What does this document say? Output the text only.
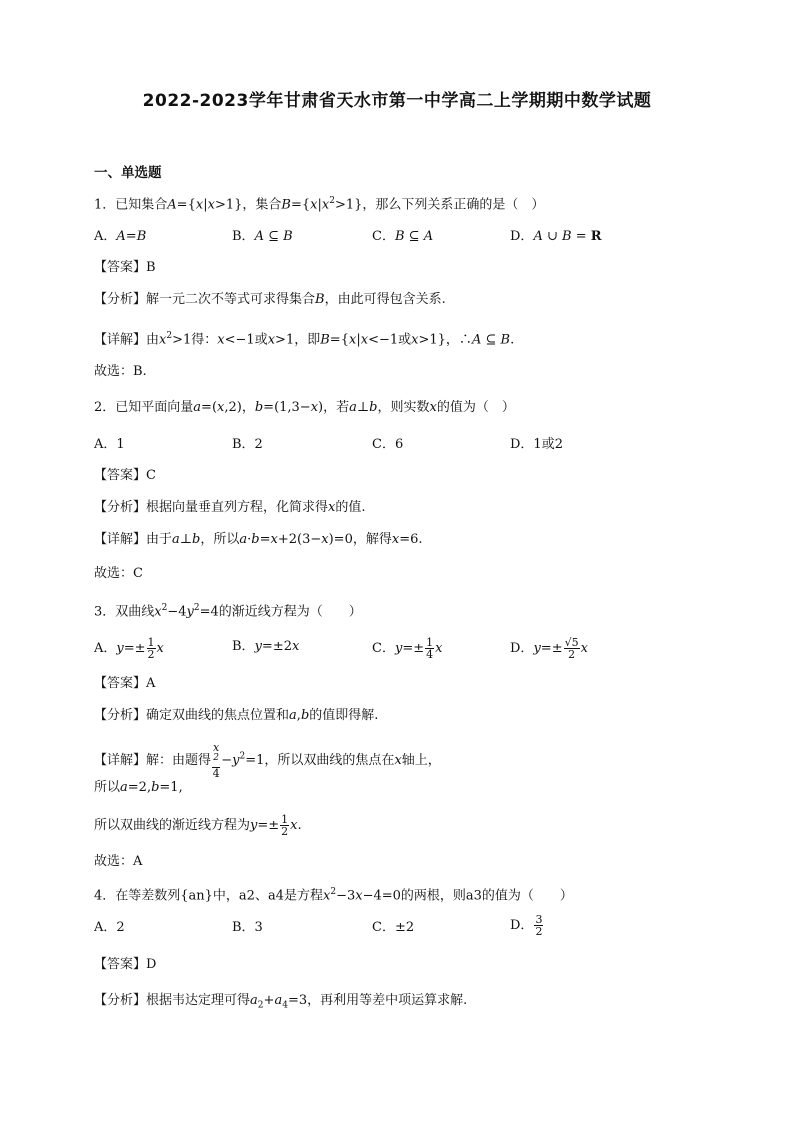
2022-2023学年甘肃省天水市第一中学高二上学期期中数学试题
一、单选题
1．已知集合A={x|x>1}，集合$B=\{x|x^2>1\}$，那么下列关系正确的是（　）
A．A=B	B．A ⊆ B	C．B ⊆ A	D．A ∪ B = R
【答案】B
【分析】解一元二次不等式可求得集合B，由此可得包含关系.
【详解】由$x^2>1$得：x<−1或x>1，即B={x|x<−1或x>1}，∴A ⊆ B.
故选：B.
2．已知平面向量a=(x,2)，b=(1,3−x)，若a⊥b，则实数x的值为（　）
A．1	B．2	C．6	D．1或2
【答案】C
【分析】根据向量垂直列方程，化简求得x的值.
【详解】由于a⊥b，所以a·b=x+2(3−x)=0，解得x=6.
故选：C
3．双曲线$x^2-4y^2=4$的渐近线方程为（　　）
A．$y=\pm \frac{1}{2}$ x	B．y=±2x	C．$y=\pm \frac{1}{4}$ x	D．$y=\pm \frac{√5}{2}$ x
【答案】A
【分析】确定双曲线的焦点位置和a,b的值即得解.
【详解】解：由题得 x
$^2$
$4 -y^2=1$，所以双曲线的焦点在x轴上，
所以a=2,b=1,
所以双曲线的渐近线方程为$y=\pm \frac{1}{2} x$.
故选：A
4．在等差数列{an}中，a2、a4是方程$x^2-3x-4=0$的两根，则a3的值为（　　）
A．2	B．3	C．±2	D． $\frac{3}{2}$
【答案】D
【分析】根据韦达定理可得$a_2+a_4=3$，再利用等差中项运算求解.
